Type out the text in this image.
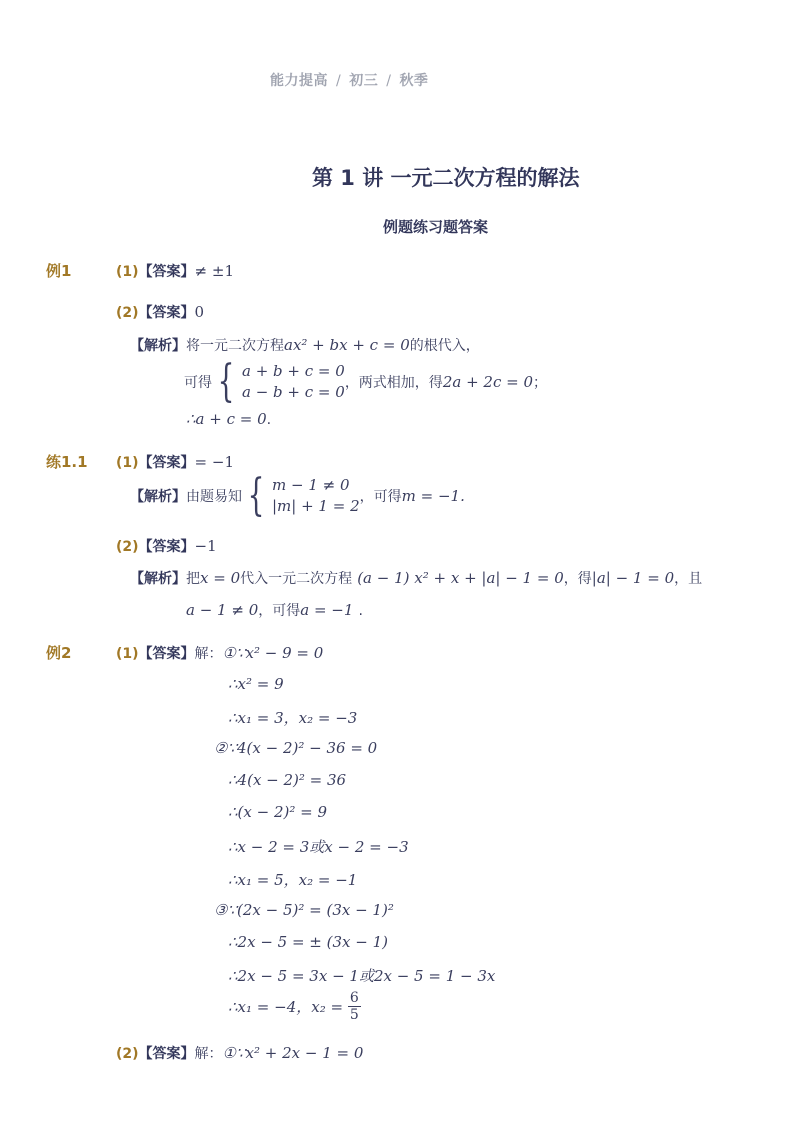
能力提高 / 初三 / 秋季
第 1 讲 一元二次方程的解法
例题练习题答案
例1	(1)【答案】≠ ±1
(2)【答案】0
【解析】将一元二次方程ax² + bx + c = 0的根代入，
可得 { a + b + c = 0
a − b + c = 0 ，两式相加，得2a + 2c = 0；
∴a + c = 0.
练1.1 (1)【答案】= −1
【解析】由题易知 { m − 1 ≠ 0
|m| + 1 = 2 ，可得m = −1.
(2)【答案】−1
【解析】把x = 0代入一元二次方程 (a − 1) x² + x + |a| − 1 = 0，得|a| − 1 = 0，且
a − 1 ≠ 0，可得a = −1 .
例2	(1)【答案】解：①∵x² − 9 = 0
∴x² = 9
∴x₁ = 3，x₂ = −3
②∵4(x − 2)² − 36 = 0
∴4(x − 2)² = 36
∴(x − 2)² = 9
∴x − 2 = 3或x − 2 = −3
∴x₁ = 5，x₂ = −1
③∵(2x − 5)² = (3x − 1)²
∴2x − 5 = ± (3x − 1)
∴2x − 5 = 3x − 1或2x − 5 = 1 − 3x
∴x₁ = −4，$x_2 = \frac{6}{5}$
(2)【答案】解：①∵x² + 2x − 1 = 0
